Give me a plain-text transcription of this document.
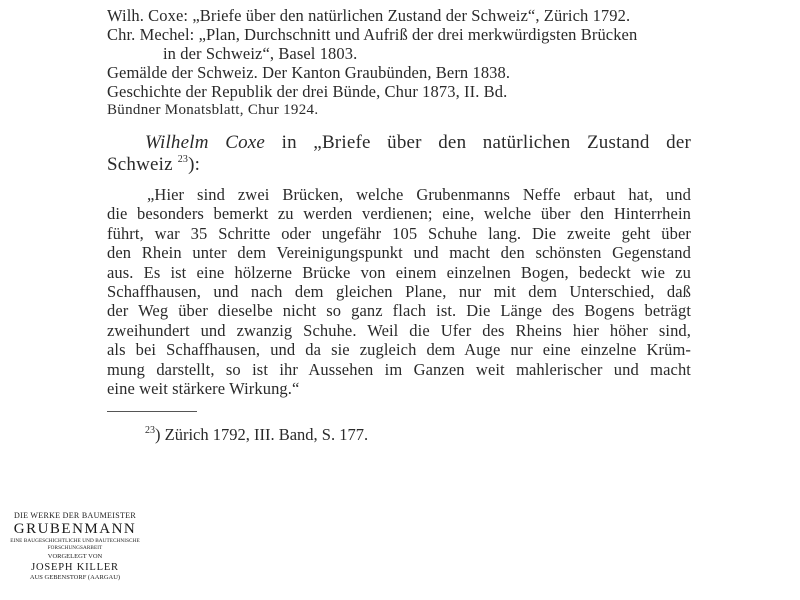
Wilh. Coxe: „Briefe über den natürlichen Zustand der Schweiz“, Zürich 1792.
Chr. Mechel: „Plan, Durchschnitt und Aufriß der drei merkwürdigsten Brücken
in der Schweiz“, Basel 1803.
Gemälde der Schweiz. Der Kanton Graubünden, Bern 1838.
Geschichte der Republik der drei Bünde, Chur 1873, II. Bd.
Bündner Monatsblatt, Chur 1924.
Wilhelm Coxe in „Briefe über den natürlichen Zustand der
Schweiz $^{23}$):
„Hier sind zwei Brücken, welche Grubenmanns Neffe erbaut hat, und
die besonders bemerkt zu werden verdienen; eine, welche über den Hinterrhein
führt, war 35 Schritte oder ungefähr 105 Schuhe lang. Die zweite geht über
den Rhein unter dem Vereinigungspunkt und macht den schönsten Gegenstand
aus. Es ist eine hölzerne Brücke von einem einzelnen Bogen, bedeckt wie zu
Schaffhausen, und nach dem gleichen Plane, nur mit dem Unterschied, daß
der Weg über dieselbe nicht so ganz flach ist. Die Länge des Bogens beträgt
zweihundert und zwanzig Schuhe. Weil die Ufer des Rheins hier höher sind,
als bei Schaffhausen, und da sie zugleich dem Auge nur eine einzelne Krüm-
mung darstellt, so ist ihr Aussehen im Ganzen weit mahlerischer und macht
eine weit stärkere Wirkung.“
$^{23}$) Zürich 1792, III. Band, S. 177.
DIE WERKE DER BAUMEISTER
GRUBENMANN
EINE BAUGESCHICHTLICHE UND BAUTECHNISCHE
FORSCHUNGSARBEIT
VORGELEGT VON
JOSEPH KILLER
AUS GEBENSTORF (AARGAU)
